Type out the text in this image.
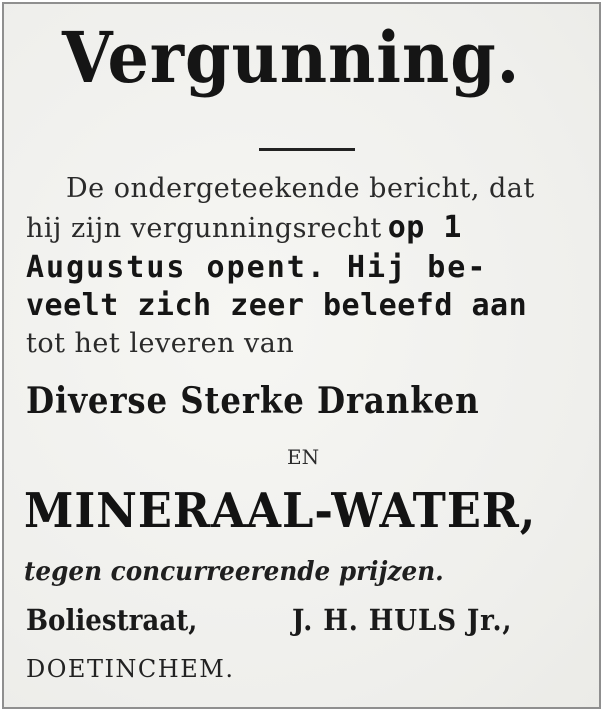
Vergunning.

De ondergeteekende bericht, dat

hij zijn vergunningsrecht op 1

Augustus opent. Hij be-

veelt zich zeer beleefd aan

tot het leveren van

Diverse Sterke Dranken

EN

MINERAAL-WATER,

tegen concurreerende prijzen.

Boliestraat,	J. H. HULS Jr.,

DOETINCHEM.
